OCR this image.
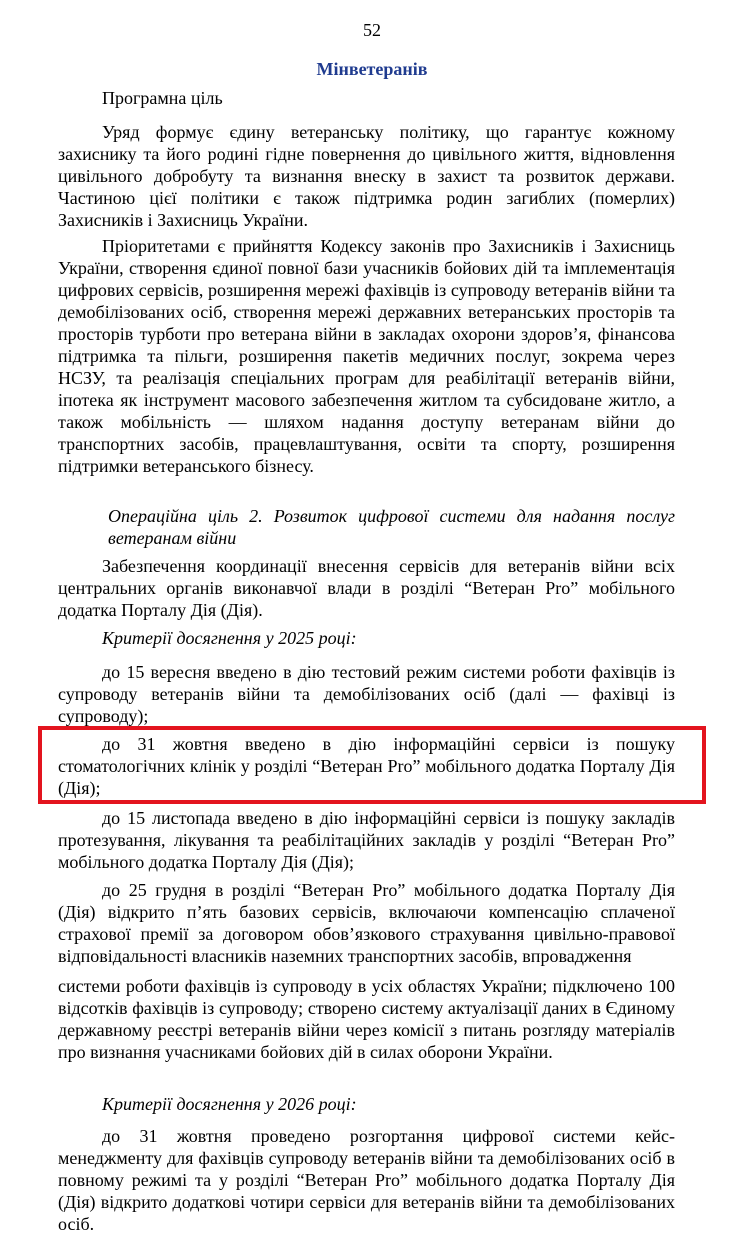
52
Мінветеранів
Програмна ціль
Уряд формує єдину ветеранську політику, що гарантує кожному захиснику та його родині гідне повернення до цивільного життя, відновлення цивільного добробуту та визнання внеску в захист та розвиток держави. Частиною цієї політики є також підтримка родин загиблих (померлих) Захисників і Захисниць України.
Пріоритетами є прийняття Кодексу законів про Захисників і Захисниць України, створення єдиної повної бази учасників бойових дій та імплементація цифрових сервісів, розширення мережі фахівців із супроводу ветеранів війни та демобілізованих осіб, створення мережі державних ветеранських просторів та просторів турботи про ветерана війни в закладах охорони здоров’я, фінансова підтримка та пільги, розширення пакетів медичних послуг, зокрема через НСЗУ, та реалізація спеціальних програм для реабілітації ветеранів війни, іпотека як інструмент масового забезпечення житлом та субсидоване житло, а також мобільність — шляхом надання доступу ветеранам війни до транспортних засобів, працевлаштування, освіти та спорту, розширення підтримки ветеранського бізнесу.
Операційна ціль 2. Розвиток цифрової системи для надання послуг ветеранам війни
Забезпечення координації внесення сервісів для ветеранів війни всіх центральних органів виконавчої влади в розділі “Ветеран Pro” мобільного додатка Порталу Дія (Дія).
Критерії досягнення у 2025 році:
до 15 вересня введено в дію тестовий режим системи роботи фахівців із супроводу ветеранів війни та демобілізованих осіб (далі — фахівці із супроводу);
до 31 жовтня введено в дію інформаційні сервіси із пошуку стоматологічних клінік у розділі “Ветеран Pro” мобільного додатка Порталу Дія (Дія);
до 15 листопада введено в дію інформаційні сервіси із пошуку закладів протезування, лікування та реабілітаційних закладів у розділі “Ветеран Pro” мобільного додатка Порталу Дія (Дія);
до 25 грудня в розділі “Ветеран Pro” мобільного додатка Порталу Дія (Дія) відкрито п’ять базових сервісів, включаючи компенсацію сплаченої страхової премії за договором обов’язкового страхування цивільно-правової відповідальності власників наземних транспортних засобів, впровадження
системи роботи фахівців із супроводу в усіх областях України; підключено 100 відсотків фахівців із супроводу; створено систему актуалізації даних в Єдиному державному реєстрі ветеранів війни через комісії з питань розгляду матеріалів про визнання учасниками бойових дій в силах оборони України.
Критерії досягнення у 2026 році:
до 31 жовтня проведено розгортання цифрової системи кейс-менеджменту для фахівців супроводу ветеранів війни та демобілізованих осіб в повному режимі та у розділі “Ветеран Pro” мобільного додатка Порталу Дія (Дія) відкрито додаткові чотири сервіси для ветеранів війни та демобілізованих осіб.
